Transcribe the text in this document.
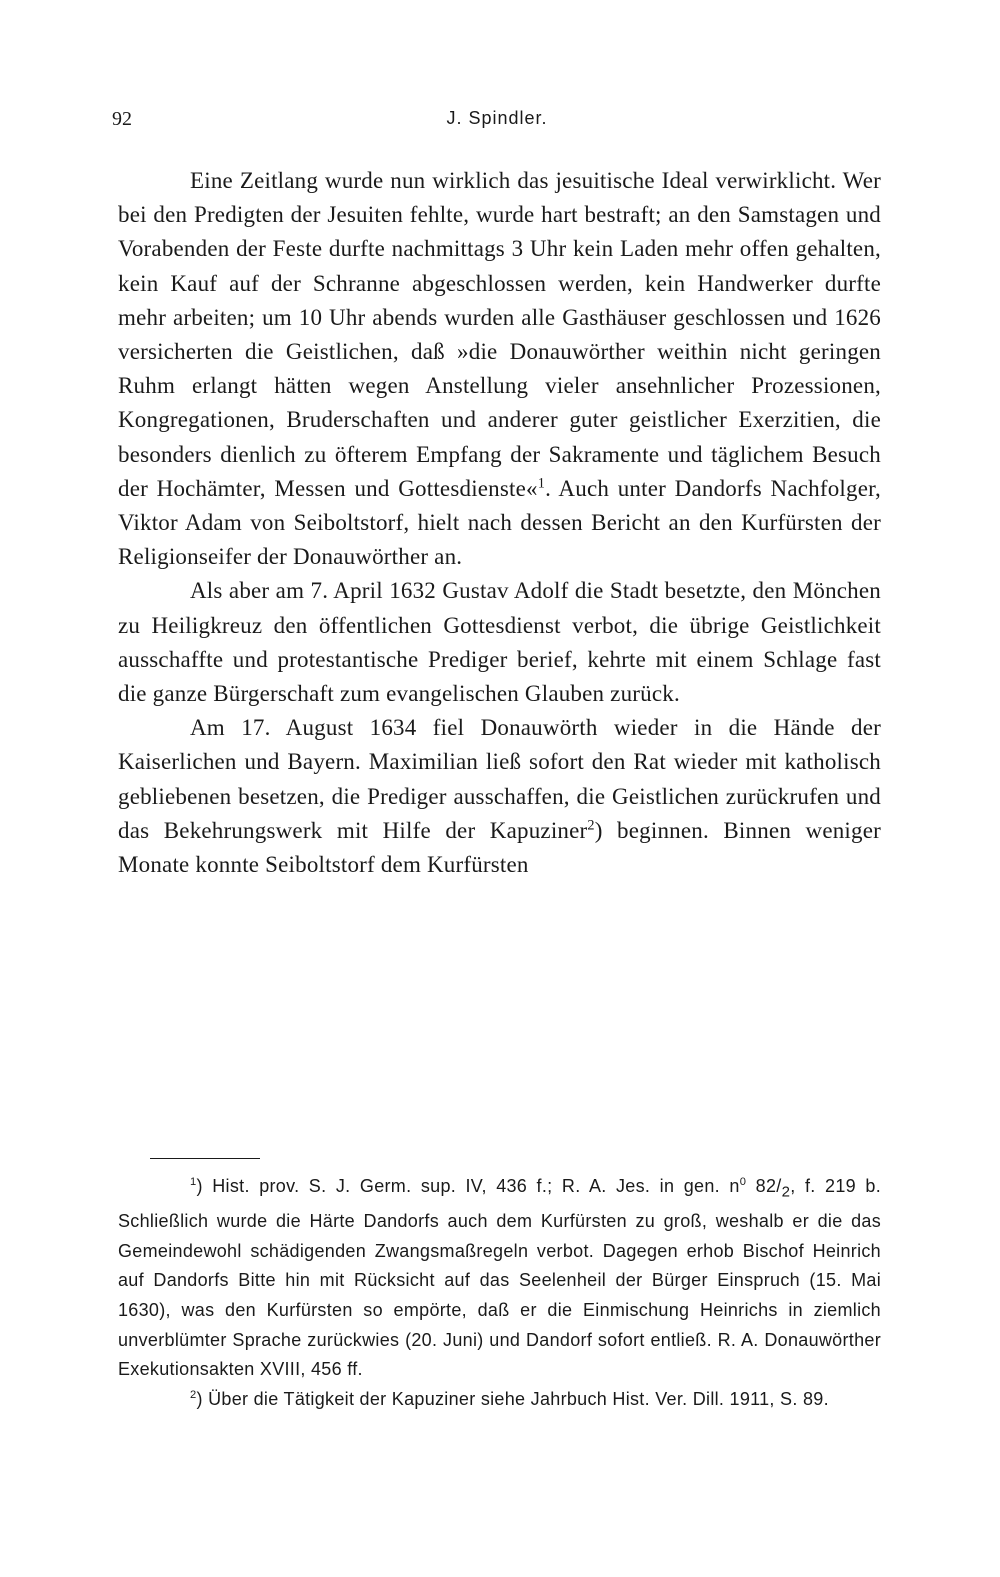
92	J. Spindler.

Eine Zeitlang wurde nun wirklich das jesuitische Ideal verwirklicht. Wer bei den Predigten der Jesuiten fehlte, wurde hart bestraft; an den Samstagen und Vorabenden der Feste durfte nachmittags 3 Uhr kein Laden mehr offen gehalten, kein Kauf auf der Schranne abgeschlossen werden, kein Handwerker durfte mehr arbeiten; um 10 Uhr abends wurden alle Gasthäuser geschlossen und 1626 versicherten die Geistlichen, daß »die Donauwörther weithin nicht geringen Ruhm erlangt hätten wegen Anstellung vieler ansehnlicher Prozessionen, Kongregationen, Bruderschaften und anderer guter geistlicher Exerzitien, die besonders dienlich zu öfterem Empfang der Sakramente und täglichem Besuch der Hochämter, Messen und Gottesdienste«$^1$. Auch unter Dandorfs Nachfolger, Viktor Adam von Seiboltstorf, hielt nach dessen Bericht an den Kurfürsten der Religionseifer der Donauwörther an.

Als aber am 7. April 1632 Gustav Adolf die Stadt besetzte, den Mönchen zu Heiligkreuz den öffentlichen Gottesdienst verbot, die übrige Geistlichkeit ausschaffte und protestantische Prediger berief, kehrte mit einem Schlage fast die ganze Bürgerschaft zum evangelischen Glauben zurück.

Am 17. August 1634 fiel Donauwörth wieder in die Hände der Kaiserlichen und Bayern. Maximilian ließ sofort den Rat wieder mit katholisch gebliebenen besetzen, die Prediger ausschaffen, die Geistlichen zurückrufen und das Bekehrungswerk mit Hilfe der Kapuziner$^2$) beginnen. Binnen weniger Monate konnte Seiboltstorf dem Kurfürsten

$^1$) Hist. prov. S. J. Germ. sup. IV, 436 f.; R. A. Jes. in gen. $n^0$ $82/_2$, f. 219 b. Schließlich wurde die Härte Dandorfs auch dem Kurfürsten zu groß, weshalb er die das Gemeindewohl schädigenden Zwangsmaßregeln verbot. Dagegen erhob Bischof Heinrich auf Dandorfs Bitte hin mit Rücksicht auf das Seelenheil der Bürger Einspruch (15. Mai 1630), was den Kurfürsten so empörte, daß er die Einmischung Heinrichs in ziemlich unverblümter Sprache zurückwies (20. Juni) und Dandorf sofort entließ. R. A. Donauwörther Exekutionsakten XVIII, 456 ff.

$^2$) Über die Tätigkeit der Kapuziner siehe Jahrbuch Hist. Ver. Dill. 1911, S. 89.
